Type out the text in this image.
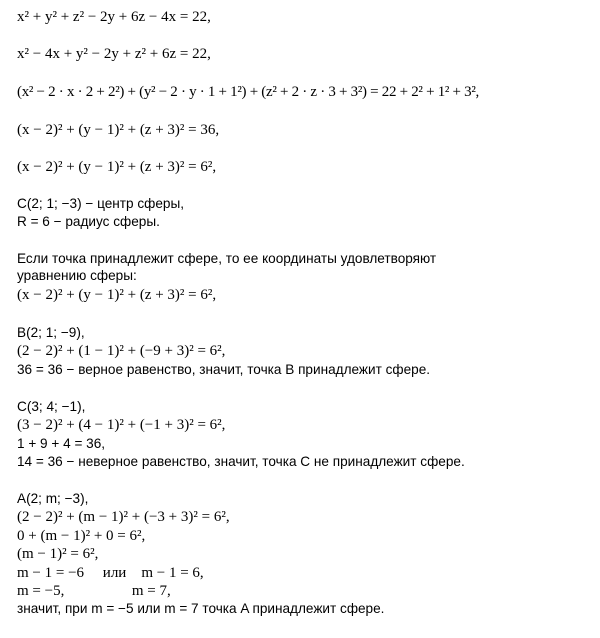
x² + y² + z² − 2y + 6z − 4x = 22,
x² − 4x + y² − 2y + z² + 6z = 22,
(x² − 2 · x · 2 + 2²) + (y² − 2 · y · 1 + 1²) + (z² + 2 · z · 3 + 3²) = 22 + 2² + 1² + 3²,
(x − 2)² + (y − 1)² + (z + 3)² = 36,
(x − 2)² + (y − 1)² + (z + 3)² = 6²,
C(2; 1; −3) − центр сферы,
R = 6 − радиус сферы.
Если точка принадлежит сфере, то ее координаты удовлетворяют
уравнению сферы:
(x − 2)² + (y − 1)² + (z + 3)² = 6²,
B(2; 1; −9),
(2 − 2)² + (1 − 1)² + (−9 + 3)² = 6²,
36 = 36 − верное равенство, значит, точка B принадлежит сфере.
C(3; 4; −1),
(3 − 2)² + (4 − 1)² + (−1 + 3)² = 6²,
1 + 9 + 4 = 36,
14 = 36 − неверное равенство, значит, точка C не принадлежит сфере.
A(2; m; −3),
(2 − 2)² + (m − 1)² + (−3 + 3)² = 6²,
0 + (m − 1)² + 0 = 6²,
(m − 1)² = 6²,
m − 1 = −6     или    m − 1 = 6,
m = −5,                  m = 7,
значит, при m = −5 или m = 7 точка A принадлежит сфере.
